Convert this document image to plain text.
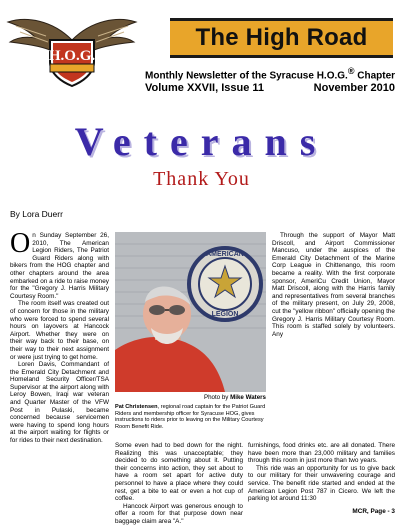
H.O.G.
The High Road
Monthly Newsletter of the Syracuse H.O.G.® Chapter
Volume XXVII, Issue 11	November 2010
Veterans
Thank You
By Lora Duerr

On Sunday September 26, 2010, The American Legion Riders, The Patriot Guard Riders along with bikers from the HOG chapter and other chapters around the area embarked on a ride to raise money for the "Gregory J. Harris Military Courtesy Room."

The room itself was created out of concern for those in the military who were forced to spend several hours on layovers at Hancock Airport. Whether they were on their way back to their base, on their way to their next assignment or were just trying to get home.

Loren Davis, Commandant of the Emerald City Detachment and Homeland Security Officer/TSA Supervisor at the airport along with Leroy Bowen, Iraqi war veteran and Quarter Master of the VFW Post in Pulaski, became concerned because servicemen were having to spend long hours at the airport waiting for flights or for rides to their next destination.

AMERICAN
LEGION
Photo by Mike Waters
Pat Christensen, regional road captain for the Patriot Guard Riders and membership officer for Syracuse HOG, gives instructions to riders prior to leaving on the Military Courtesy Room Benefit Ride.

Some even had to bed down for the night. Realizing this was unacceptable; they decided to do something about it. Putting their concerns into action, they set about to have a room set apart for active duty personnel to have a place where they could rest, get a bite to eat or even a hot cup of coffee.

Hancock Airport was generous enough to offer a room for that purpose down near baggage claim area "A."

Through the support of Mayor Matt Driscoll, and Airport Commissioner Mancuso, under the auspices of the Emerald City Detachment of the Marine Corp League in Chittenango, this room became a reality. With the first corporate sponsor, AmeriCu Credit Union, Mayor Matt Driscoll, along with the Harris family and representatives from several branches of the military present, on July 29, 2008, cut the "yellow ribbon" officially opening the Gregory J. Harris Military Courtesy Room. This room is staffed solely by volunteers. Any

furnishings, food drinks etc. are all donated. There have been more than 23,000 military and families through this room in just more than two years.

This ride was an opportunity for us to give back to our military for their unwavering courage and service. The benefit ride started and ended at the American Legion Post 787 in Cicero. We left the parking lot around 11:30

MCR, Page - 3
